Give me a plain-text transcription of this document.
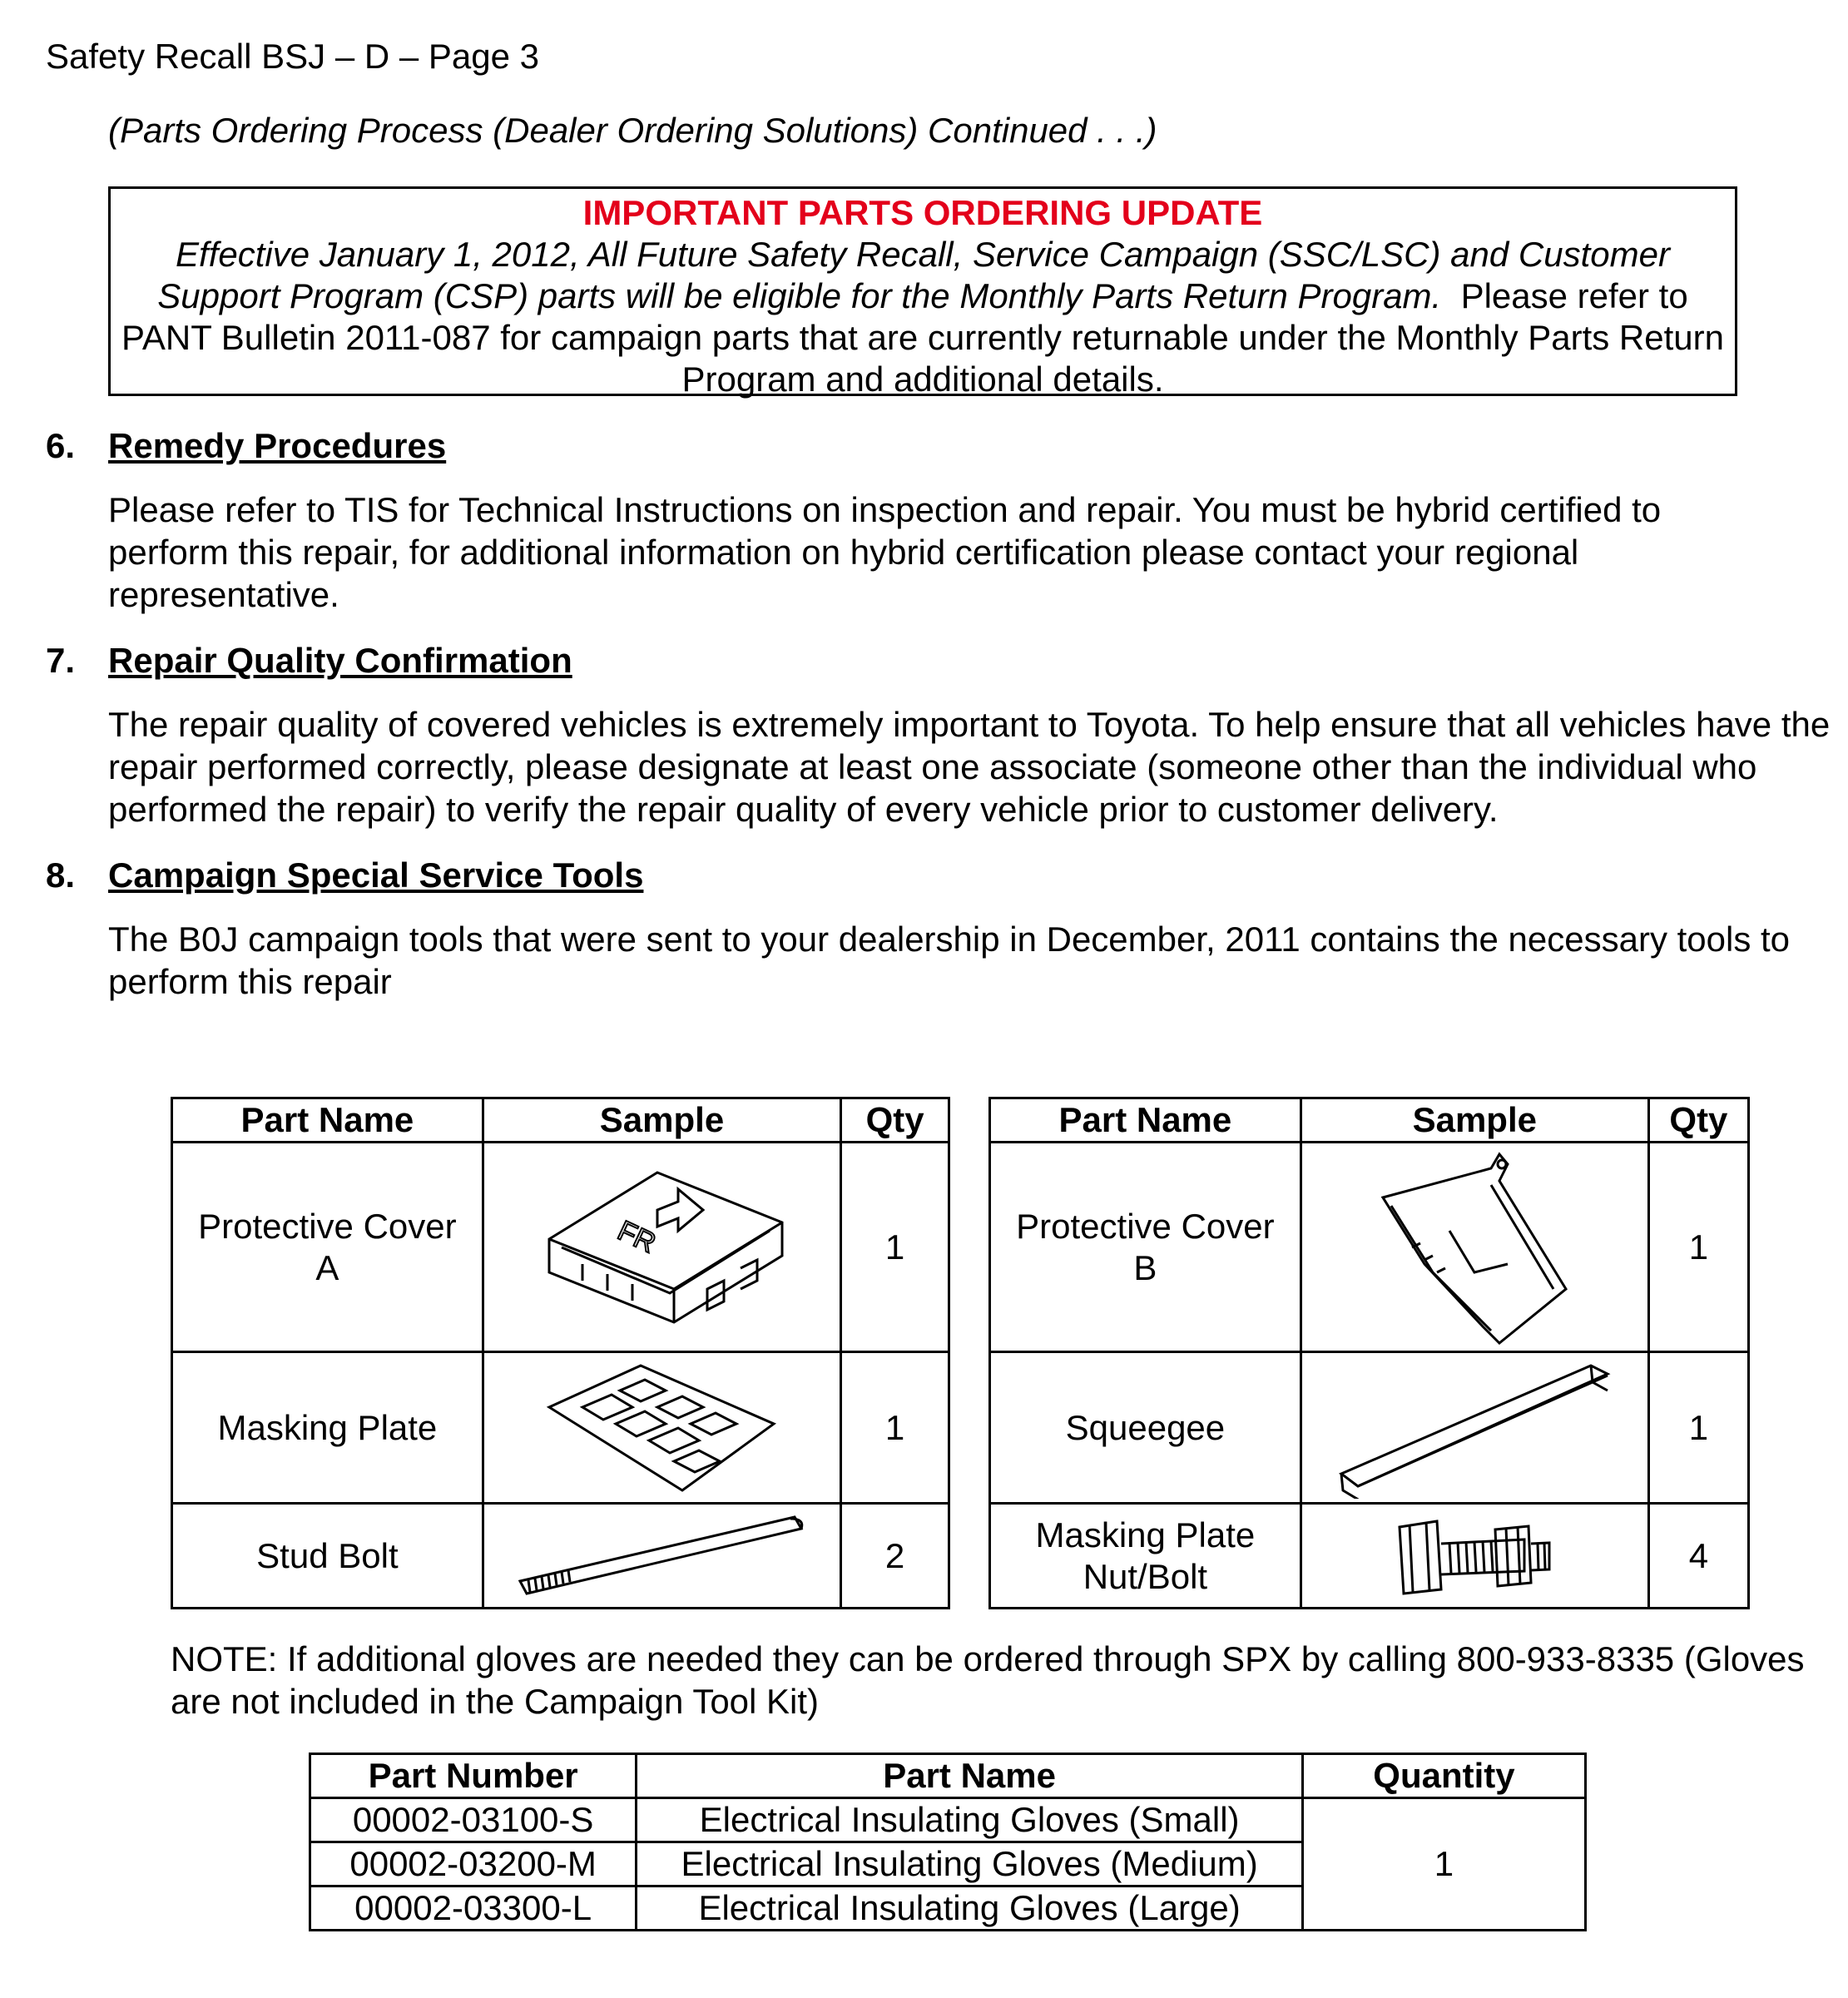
Safety Recall BSJ – D – Page 3
(Parts Ordering Process (Dealer Ordering Solutions) Continued . . .)
IMPORTANT PARTS ORDERING UPDATE
Effective January 1, 2012, All Future Safety Recall, Service Campaign (SSC/LSC) and Customer Support Program (CSP) parts will be eligible for the Monthly Parts Return Program. Please refer to PANT Bulletin 2011-087 for campaign parts that are currently returnable under the Monthly Parts Return Program and additional details.
6. Remedy Procedures
Please refer to TIS for Technical Instructions on inspection and repair. You must be hybrid certified to perform this repair, for additional information on hybrid certification please contact your regional representative.
7. Repair Quality Confirmation
The repair quality of covered vehicles is extremely important to Toyota. To help ensure that all vehicles have the repair performed correctly, please designate at least one associate (someone other than the individual who performed the repair) to verify the repair quality of every vehicle prior to customer delivery.
8. Campaign Special Service Tools
The B0J campaign tools that were sent to your dealership in December, 2011 contains the necessary tools to perform this repair
Part Name	Sample	Qty

Protective Cover A	FR	1
Masking Plate		1
Stud Bolt		2
Part Name	Sample	Qty

Protective Cover B		1
Squeegee		1

Masking Plate Nut/Bolt		4
NOTE: If additional gloves are needed they can be ordered through SPX by calling 800-933-8335 (Gloves are not included in the Campaign Tool Kit)
Part Number	Part Name	Quantity
00002-03100-S	Electrical Insulating Gloves (Small)	1
00002-03200-M	Electrical Insulating Gloves (Medium)	
00002-03300-L	Electrical Insulating Gloves (Large)	
